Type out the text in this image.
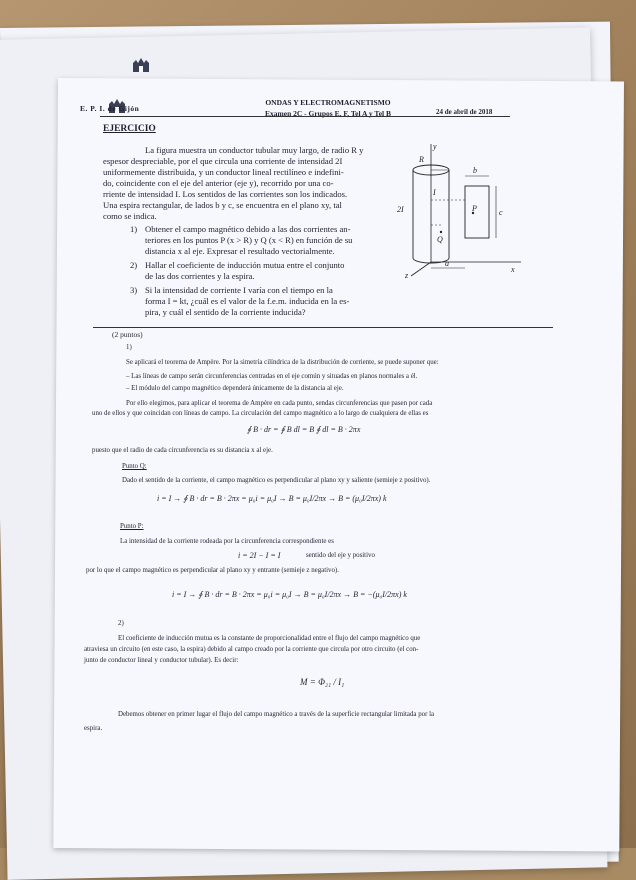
E. P. I. de Gijón
ONDAS Y ELECTROMAGNETISMO
Examen 2C - Grupos E, F, Tel A y Tel B	24 de abril de 2018
EJERCICIO
La figura muestra un conductor tubular muy largo, de radio R y
espesor despreciable, por el que circula una corriente de intensidad 2I
uniformemente distribuida, y un conductor lineal rectilíneo e indefini-
do, coincidente con el eje del anterior (eje y), recorrido por una co-
rriente de intensidad I. Los sentidos de las corrientes son los indicados.
Una espira rectangular, de lados b y c, se encuentra en el plano xy, tal
como se indica.
1) Obtener el campo magnético debido a las dos corrientes an-
teriores en los puntos P (x > R) y Q (x < R) en función de su
distancia x al eje. Expresar el resultado vectorialmente.
2) Hallar el coeficiente de inducción mutua entre el conjunto
de las dos corrientes y la espira.
3) Si la intensidad de corriente I varía con el tiempo en la
forma I = kt, ¿cuál es el valor de la f.e.m. inducida en la es-
pira, y cuál el sentido de la corriente inducida?
y
x
z
R
b
c
P
Q
I
2I
a
(2 puntos)
1)
Se aplicará el teorema de Ampère. Por la simetría cilíndrica de la distribución de corriente, se puede suponer que:
– Las líneas de campo serán circunferencias centradas en el eje común y situadas en planos normales a él.
– El módulo del campo magnético dependerá únicamente de la distancia al eje.
Por ello elegimos, para aplicar el teorema de Ampère en cada punto, sendas circunferencias que pasen por cada
uno de ellos y que coincidan con líneas de campo. La circulación del campo magnético a lo largo de cualquiera de ellas es
∮ B · dr = ∮ B dl = B ∮ dl = B · 2πx
puesto que el radio de cada circunferencia es su distancia x al eje.
Punto Q:
Dado el sentido de la corriente, el campo magnético es perpendicular al plano xy y saliente (semieje z positivo).
i = I → ∮ B · dr = B · 2πx = μ₀i = μ₀I → B = μ₀I/2πx → B = (μ₀I/2πx) k
Punto P:
La intensidad de la corriente rodeada por la circunferencia correspondiente es
i = 2I − I = I	sentido del eje y positivo
por lo que el campo magnético es perpendicular al plano xy y entrante (semieje z negativo).
i = I → ∮ B · dr = B · 2πx = μ₀i = μ₀I → B = μ₀I/2πx → B = −(μ₀I/2πx) k
2)
El coeficiente de inducción mutua es la constante de proporcionalidad entre el flujo del campo magnético que
atraviesa un circuito (en este caso, la espira) debido al campo creado por la corriente que circula por otro circuito (el con-
junto de conductor lineal y conductor tubular). Es decir:
M = Φ₂₁ / I₁
Debemos obtener en primer lugar el flujo del campo magnético a través de la superficie rectangular limitada por la
espira.
